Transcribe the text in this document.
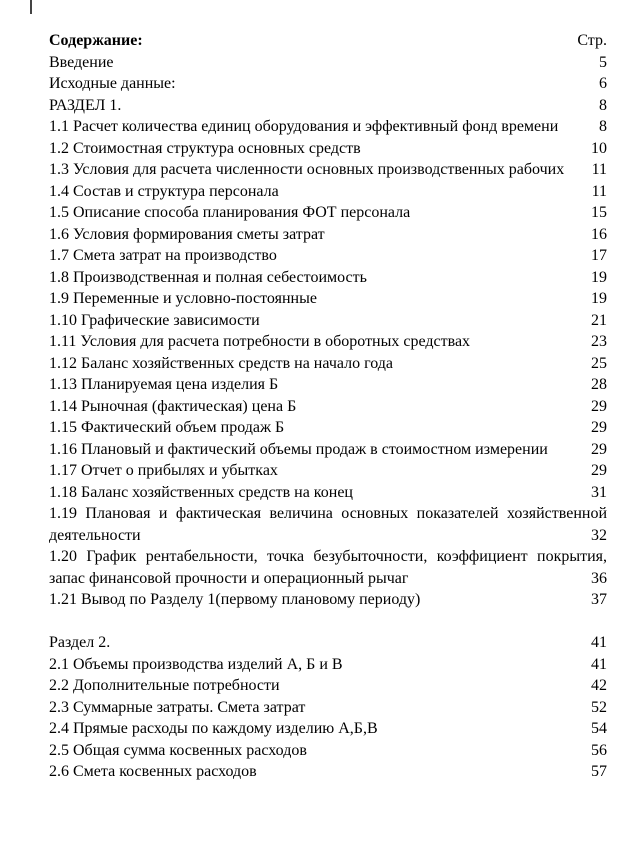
Содержание:	Стр.
Введение	5
Исходные данные:	6
РАЗДЕЛ 1.	8
1.1 Расчет количества единиц оборудования и эффективный фонд времени	8
1.2 Стоимостная структура основных средств	10
1.3 Условия для расчета численности основных производственных рабочих 11
1.4 Состав и структура персонала	11
1.5 Описание способа планирования ФОТ персонала	15
1.6 Условия формирования сметы затрат	16
1.7 Смета затрат на производство	17
1.8 Производственная и полная себестоимость	19
1.9 Переменные и условно-постоянные	19
1.10 Графические зависимости	21
1.11 Условия для расчета потребности в оборотных средствах	23
1.12 Баланс хозяйственных средств на начало года	25
1.13 Планируемая цена изделия Б	28
1.14 Рыночная (фактическая) цена Б	29
1.15 Фактический объем продаж Б	29
1.16 Плановый и фактический объемы продаж в стоимостном измерении	29
1.17 Отчет о прибылях и убытках	29
1.18 Баланс хозяйственных средств на конец	31
1.19 Плановая и фактическая величина основных показателей хозяйственной деятельности	32
1.20 График рентабельности, точка безубыточности, коэффициент покрытия, запас финансовой прочности и операционный рычаг	36
1.21 Вывод по Разделу 1(первому плановому периоду)	37
Раздел 2.	41
2.1 Объемы производства изделий А, Б и В	41
2.2 Дополнительные потребности	42
2.3 Суммарные затраты. Смета затрат	52
2.4 Прямые расходы по каждому изделию А,Б,В	54
2.5 Общая сумма косвенных расходов	56
2.6 Смета косвенных расходов	57
